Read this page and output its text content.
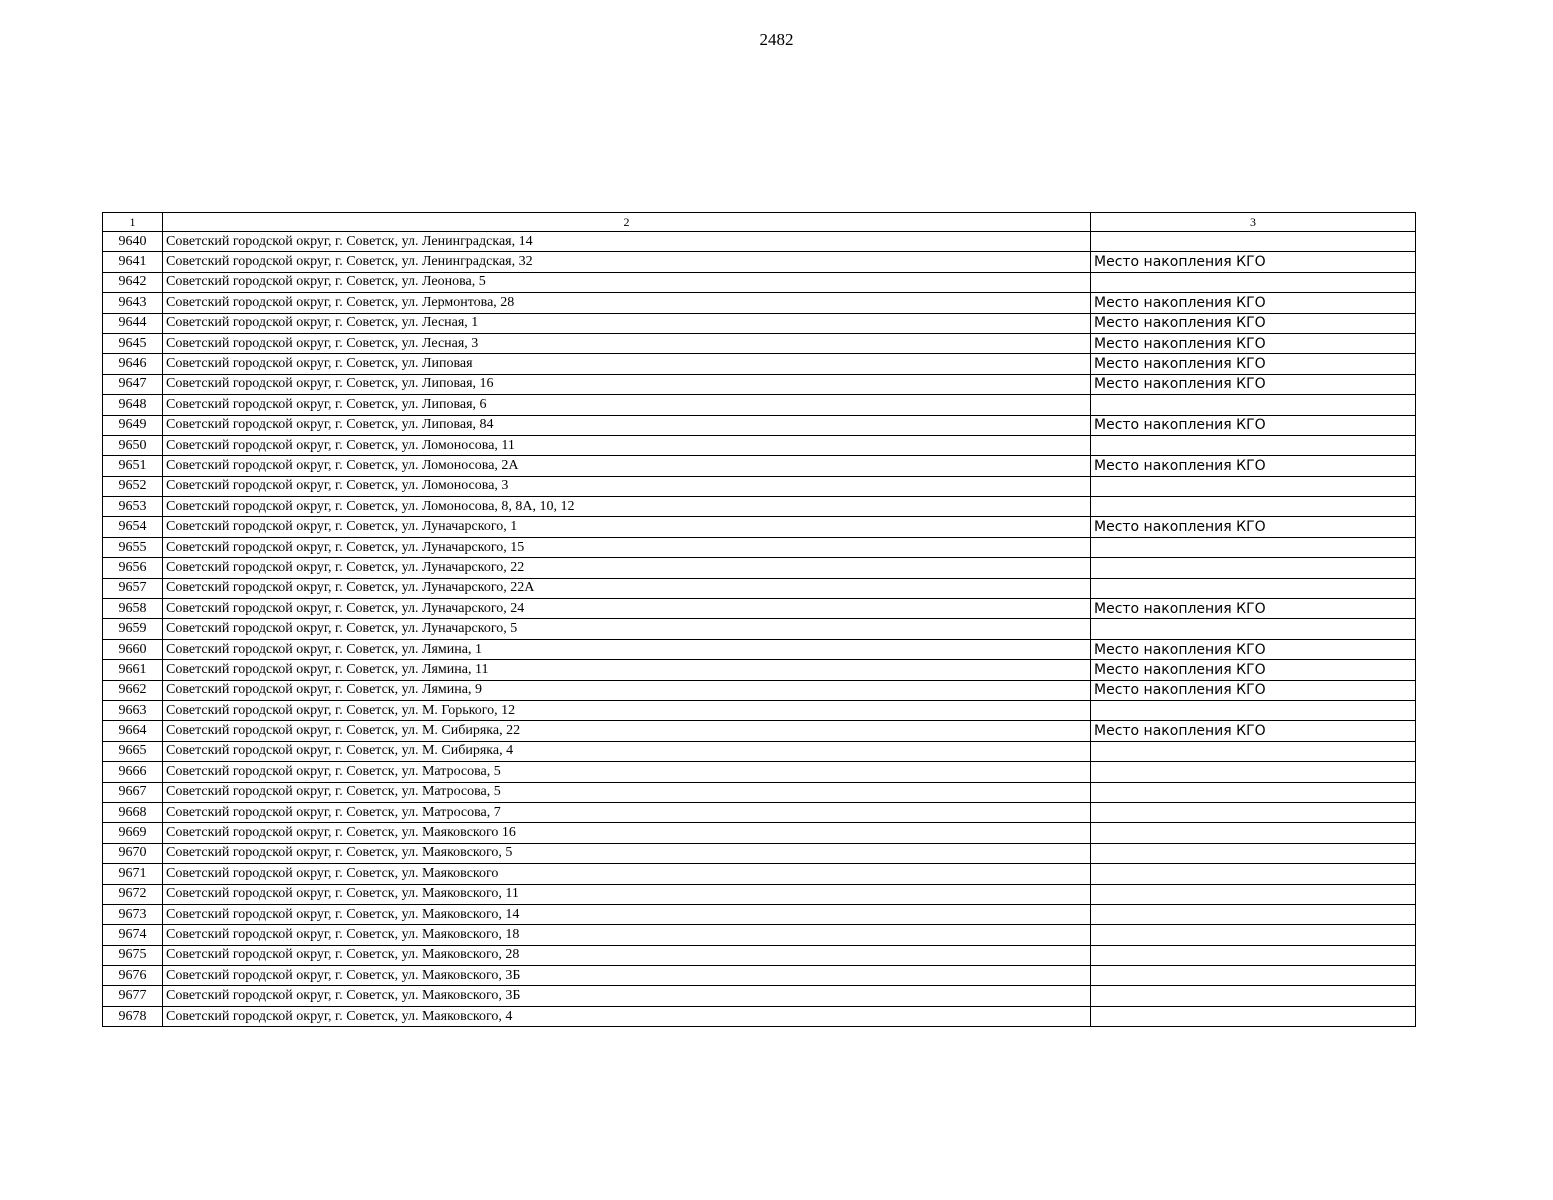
2482
1	2	3
9640	Советский городской округ, г. Советск, ул. Ленинградская, 14	
9641	Советский городской округ, г. Советск, ул. Ленинградская, 32	Место накопления КГО
9642	Советский городской округ, г. Советск, ул. Леонова, 5	
9643	Советский городской округ, г. Советск, ул. Лермонтова, 28	Место накопления КГО
9644	Советский городской округ, г. Советск, ул. Лесная, 1	Место накопления КГО
9645	Советский городской округ, г. Советск, ул. Лесная, 3	Место накопления КГО
9646	Советский городской округ, г. Советск, ул. Липовая	Место накопления КГО
9647	Советский городской округ, г. Советск, ул. Липовая, 16	Место накопления КГО
9648	Советский городской округ, г. Советск, ул. Липовая, 6	
9649	Советский городской округ, г. Советск, ул. Липовая, 84	Место накопления КГО
9650	Советский городской округ, г. Советск, ул. Ломоносова, 11	
9651	Советский городской округ, г. Советск, ул. Ломоносова, 2А	Место накопления КГО
9652	Советский городской округ, г. Советск, ул. Ломоносова, 3	
9653	Советский городской округ, г. Советск, ул. Ломоносова, 8, 8А, 10, 12	
9654	Советский городской округ, г. Советск, ул. Луначарского, 1	Место накопления КГО
9655	Советский городской округ, г. Советск, ул. Луначарского, 15	
9656	Советский городской округ, г. Советск, ул. Луначарского, 22	
9657	Советский городской округ, г. Советск, ул. Луначарского, 22А	
9658	Советский городской округ, г. Советск, ул. Луначарского, 24	Место накопления КГО
9659	Советский городской округ, г. Советск, ул. Луначарского, 5	
9660	Советский городской округ, г. Советск, ул. Лямина, 1	Место накопления КГО
9661	Советский городской округ, г. Советск, ул. Лямина, 11	Место накопления КГО
9662	Советский городской округ, г. Советск, ул. Лямина, 9	Место накопления КГО
9663	Советский городской округ, г. Советск, ул. М. Горького, 12	
9664	Советский городской округ, г. Советск, ул. М. Сибиряка, 22	Место накопления КГО
9665	Советский городской округ, г. Советск, ул. М. Сибиряка, 4	
9666	Советский городской округ, г. Советск, ул. Матросова, 5	
9667	Советский городской округ, г. Советск, ул. Матросова, 5	
9668	Советский городской округ, г. Советск, ул. Матросова, 7	
9669	Советский городской округ, г. Советск, ул. Маяковского 16	
9670	Советский городской округ, г. Советск, ул. Маяковского, 5	
9671	Советский городской округ, г. Советск, ул. Маяковского	
9672	Советский городской округ, г. Советск, ул. Маяковского, 11	
9673	Советский городской округ, г. Советск, ул. Маяковского, 14	
9674	Советский городской округ, г. Советск, ул. Маяковского, 18	
9675	Советский городской округ, г. Советск, ул. Маяковского, 28	
9676	Советский городской округ, г. Советск, ул. Маяковского, 3Б	
9677	Советский городской округ, г. Советск, ул. Маяковского, 3Б	
9678	Советский городской округ, г. Советск, ул. Маяковского, 4	
